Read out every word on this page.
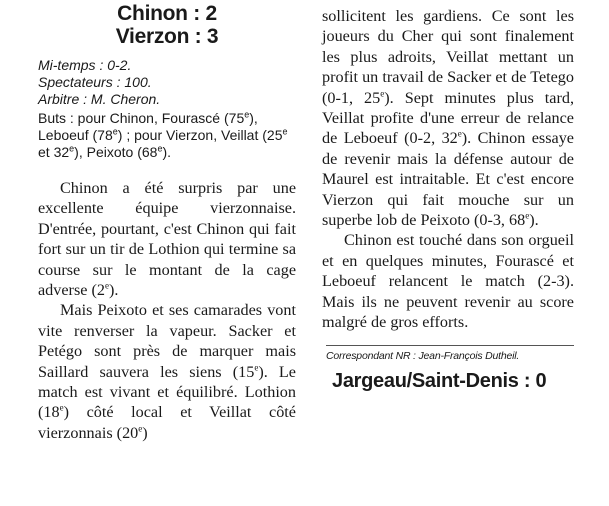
Chinon : 2
Vierzon : 3
Mi-temps : 0-2.
Spectateurs : 100.
Arbitre : M. Cheron.
Buts : pour Chinon, Fourascé (75e), Leboeuf (78e) ; pour Vierzon, Veillat (25e et 32e), Peixoto (68e).

Chinon a été surpris par une excellente équipe vierzonnaise. D'entrée, pourtant, c'est Chinon qui fait fort sur un tir de Lothion qui termine sa course sur le montant de la cage adverse (2e).

Mais Peixoto et ses camarades vont vite renverser la vapeur. Sacker et Petégo sont près de marquer mais Saillard sauvera les siens (15e). Le match est vivant et équilibré. Lothion (18e) côté local et Veillat côté vierzonnais (20e)

sollicitent les gardiens. Ce sont les joueurs du Cher qui sont finalement les plus adroits, Veillat mettant un profit un travail de Sacker et de Tetego (0-1, 25e). Sept minutes plus tard, Veillat profite d'une erreur de relance de Leboeuf (0-2, 32e). Chinon essaye de revenir mais la défense autour de Maurel est intraitable. Et c'est encore Vierzon qui fait mouche sur un superbe lob de Peixoto (0-3, 68e).

Chinon est touché dans son orgueil et en quelques minutes, Fourascé et Leboeuf relancent le match (2-3). Mais ils ne peuvent revenir au score malgré de gros efforts.

Correspondant NR : Jean-François Dutheil.
Jargeau/Saint-Denis : 0
